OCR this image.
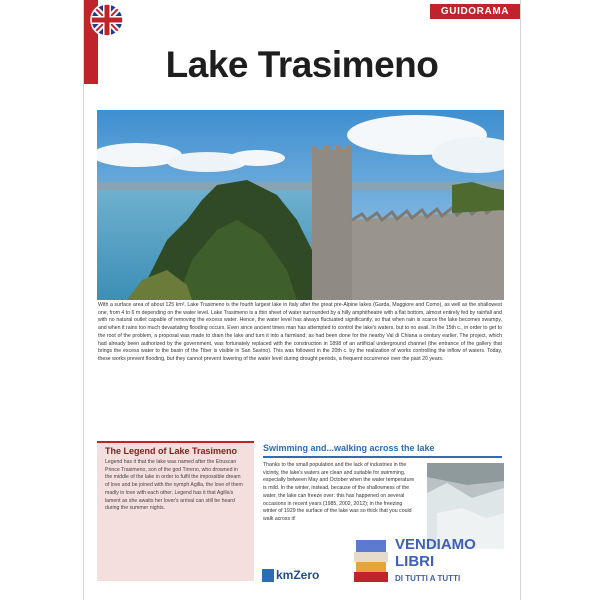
GUIDORAMA
Lake Trasimeno

With a surface area of about 125 km², Lake Trasimeno is the fourth largest lake in Italy after the great pre-Alpine lakes (Garda, Maggiore and Como), as well as the shallowest one, from 4 to 6 m depending on the water level. Lake Trasimeno is a thin sheet of water surrounded by a hilly amphitheatre with a flat bottom, almost entirely fed by rainfall and with no natural outlet capable of removing the excess water. Hence, the water level has always fluctuated significantly, so that when rain is scarce the lake becomes swampy, and when it rains too much devastating flooding occurs. Even since ancient times man has attempted to control the lake's waters, but to no avail. In the 15th c., in order to get to the root of the problem, a proposal was made to drain the lake and turn it into a farmland; as had been done for the nearby Val di Chiana a century earlier. The project, which had already been authorized by the government, was fortunately replaced with the construction in 1898 of an artificial underground channel (the entrance of the gallery that brings the excess water to the basin of the Tiber is visible in San Savino). This was followed in the 20th c. by the realization of works controlling the inflow of waters. Today, these works prevent flooding, but they cannot prevent lowering of the water level during drought periods, a frequent occurrence over the past 20 years.

The Legend of Lake Trasimeno

Legend has it that the lake was named after the Etruscan Prince Trasimeno, son of the god Tirreno, who drowned in the middle of the lake in order to fulfil the impossible dream of love and be joined with the nymph Agilla, the love of them madly in love with each other. Legend has it that Agilla's lament as she awaits her lover's arrival can still be heard during the summer nights.

Swimming and...walking across the lake

Thanks to the small population and the lack of industries in the vicinity, the lake's waters are clean and suitable for swimming, especially between May and October when the water temperature is mild. In the winter, instead, because of the shallowness of the water, the lake can freeze over: this has happened on several occasions in recent years (1985, 2002, 2012); in the freezing winter of 1929 the surface of the lake was so thick that you could walk across it!

kmZero
VENDIAMO
LIBRI
DI TUTTI A TUTTI
